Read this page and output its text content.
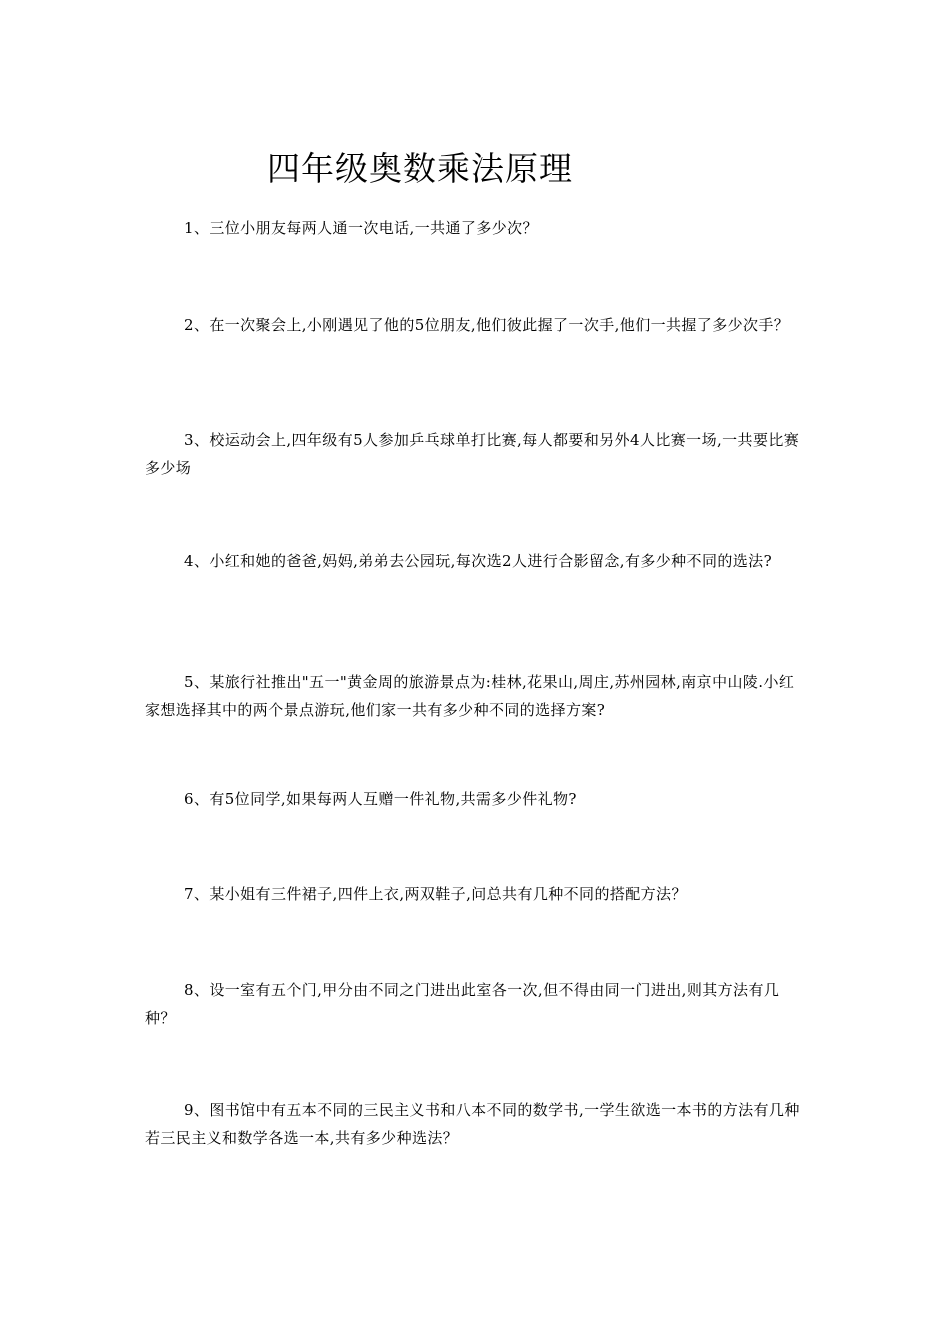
四年级奥数乘法原理

1、三位小朋友每两人通一次电话,一共通了多少次？

2、在一次聚会上,小刚遇见了他的5位朋友,他们彼此握了一次手,他们一共握了多少次手？

3、校运动会上,四年级有5人参加乒乓球单打比赛,每人都要和另外4人比赛一场,一共要比赛多少场

4、小红和她的爸爸,妈妈,弟弟去公园玩,每次选2人进行合影留念,有多少种不同的选法?

5、某旅行社推出"五一"黄金周的旅游景点为:桂林,花果山,周庄,苏州园林,南京中山陵.小红家想选择其中的两个景点游玩,他们家一共有多少种不同的选择方案?

6、有5位同学,如果每两人互赠一件礼物,共需多少件礼物?

7、某小姐有三件裙子,四件上衣,两双鞋子,问总共有几种不同的搭配方法？

8、设一室有五个门,甲分由不同之门进出此室各一次,但不得由同一门进出,则其方法有几种？

9、图书馆中有五本不同的三民主义书和八本不同的数学书,一学生欲选一本书的方法有几种 若三民主义和数学各选一本,共有多少种选法？
